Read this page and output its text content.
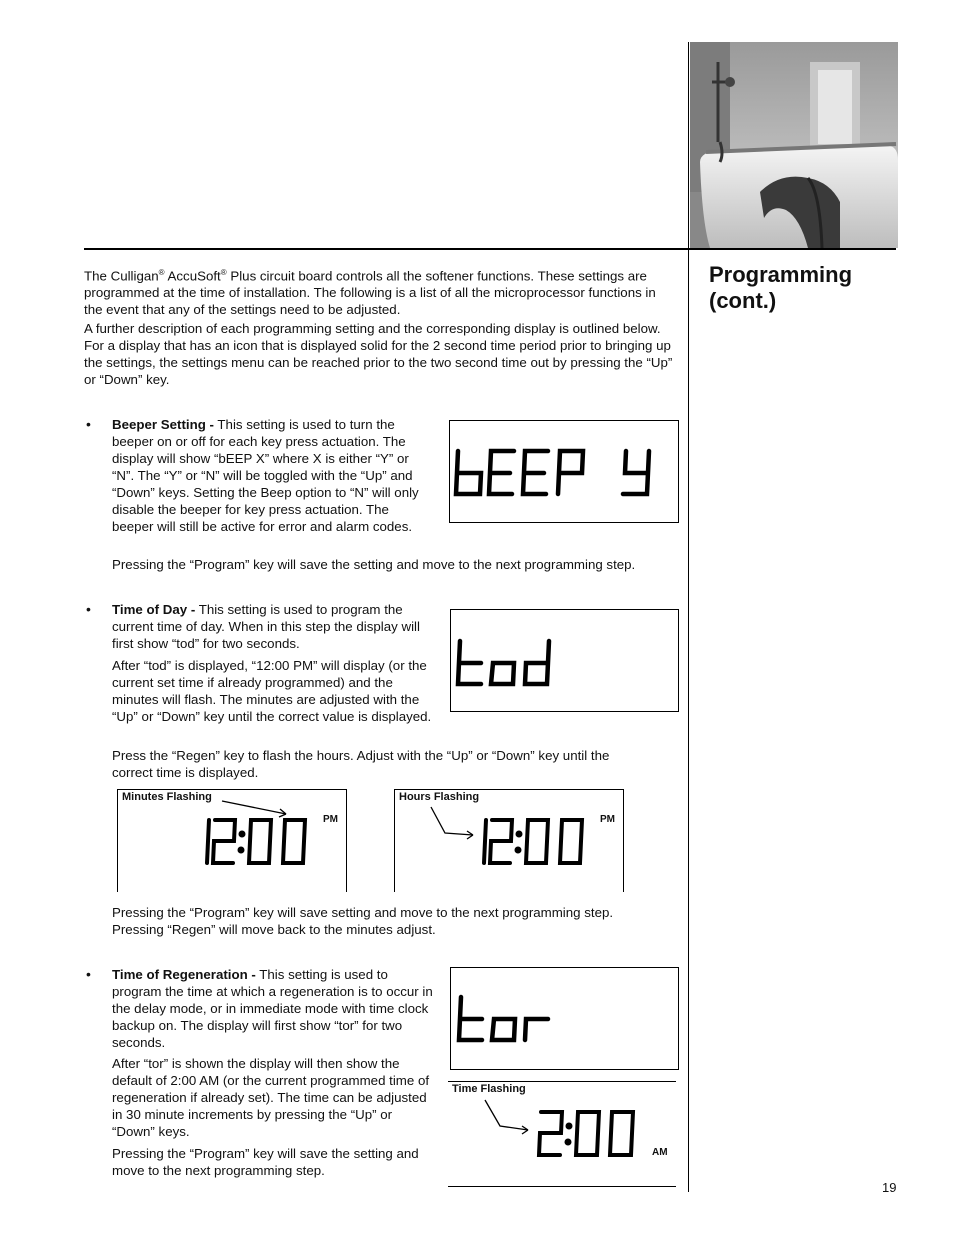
Programming (cont.)

The Culligan® AccuSoft® Plus circuit board controls all the softener functions. These settings are programmed at the time of installation. The following is a list of all the microprocessor functions in the event that any of the settings need to be adjusted.

A further description of each programming setting and the corresponding display is outlined below. For a display that has an icon that is displayed solid for the 2 second time period prior to bringing up the settings, the settings menu can be reached prior to the two second time out by pressing the “Up” or “Down” key.
• Beeper Setting - This setting is used to turn the beeper on or off for each key press actuation. The display will show “bEEP X” where X is either “Y” or “N”. The “Y” or “N” will be toggled with the “Up” and “Down” keys. Setting the Beep option to “N” will only disable the beeper for key press actuation. The beeper will still be active for error and alarm codes.

Pressing the “Program” key will save the setting and move to the next programming step.
• Time of Day - This setting is used to program the current time of day. When in this step the display will first show “tod” for two seconds.

After “tod” is displayed, “12:00 PM” will display (or the current set time if already programmed) and the minutes will flash. The minutes are adjusted with the “Up” or “Down” key until the correct value is displayed.
Press the “Regen” key to flash the hours. Adjust with the “Up” or “Down” key until the correct time is displayed.
Minutes Flashing
PM
Hours Flashing
PM

Pressing the “Program” key will save setting and move to the next programming step.

Pressing “Regen” will move back to the minutes adjust.

• Time of Regeneration - This setting is used to program the time at which a regeneration is to occur in the delay mode, or in immediate mode with time clock backup on. The display will first show “tor” for two seconds.

After “tor” is shown the display will then show the default of 2:00 AM (or the current programmed time of regeneration if already set). The time can be adjusted in 30 minute increments by pressing the “Up” or “Down” keys.
Pressing the “Program” key will save the setting and move to the next programming step.
Time Flashing
AM
19
